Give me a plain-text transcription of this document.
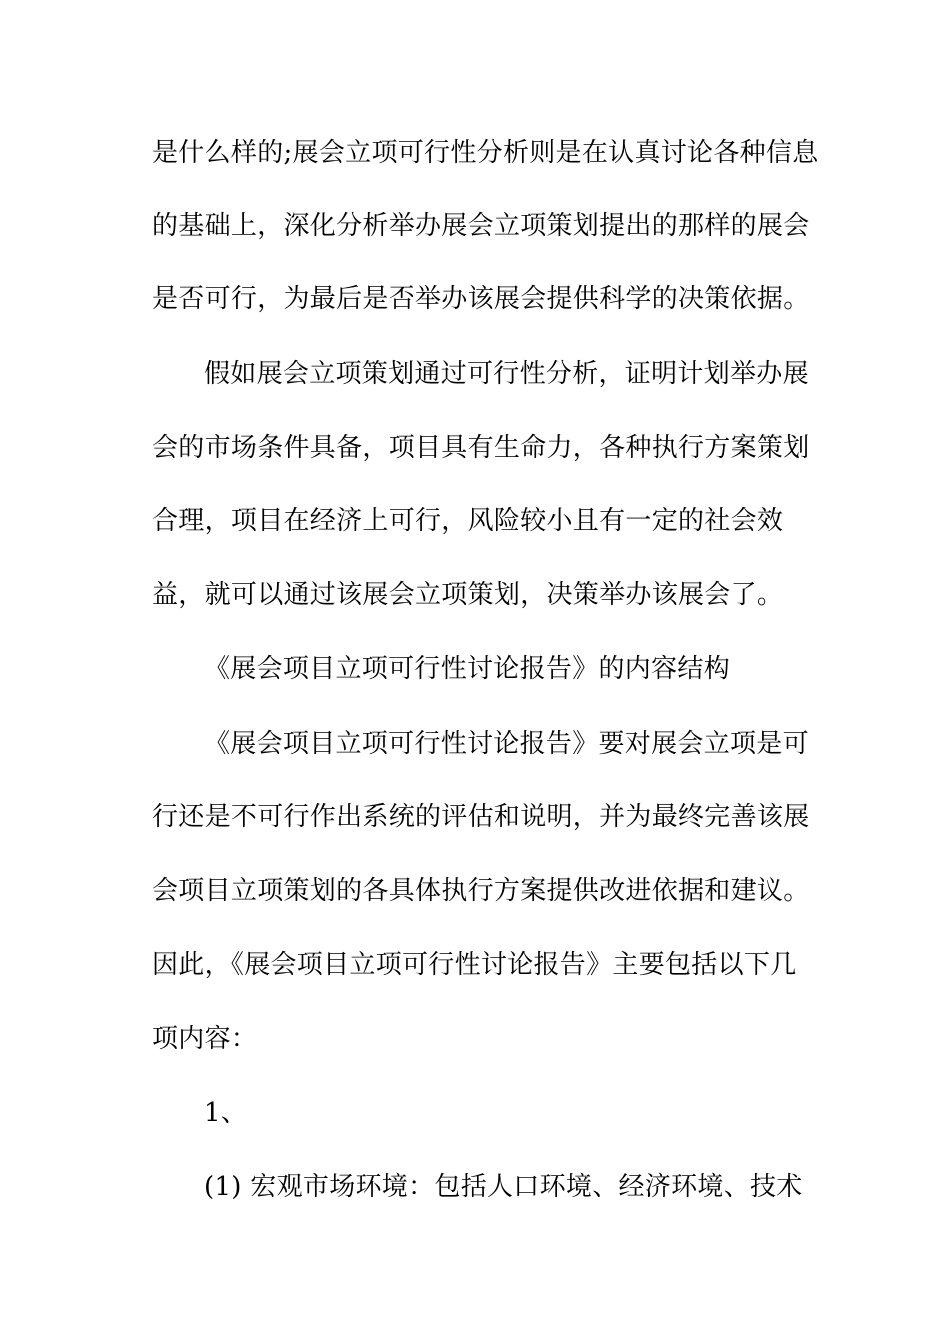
是什么样的;展会立项可行性分析则是在认真讨论各种信息
的基础上，深化分析举办展会立项策划提出的那样的展会
是否可行，为最后是否举办该展会提供科学的决策依据。
假如展会立项策划通过可行性分析，证明计划举办展
会的市场条件具备，项目具有生命力，各种执行方案策划
合理，项目在经济上可行，风险较小且有一定的社会效
益，就可以通过该展会立项策划，决策举办该展会了。
《展会项目立项可行性讨论报告》的内容结构
《展会项目立项可行性讨论报告》要对展会立项是可
行还是不可行作出系统的评估和说明，并为最终完善该展
会项目立项策划的各具体执行方案提供改进依据和建议。
因此，《展会项目立项可行性讨论报告》主要包括以下几
项内容：
1、
(1) 宏观市场环境：包括人口环境、经济环境、技术
